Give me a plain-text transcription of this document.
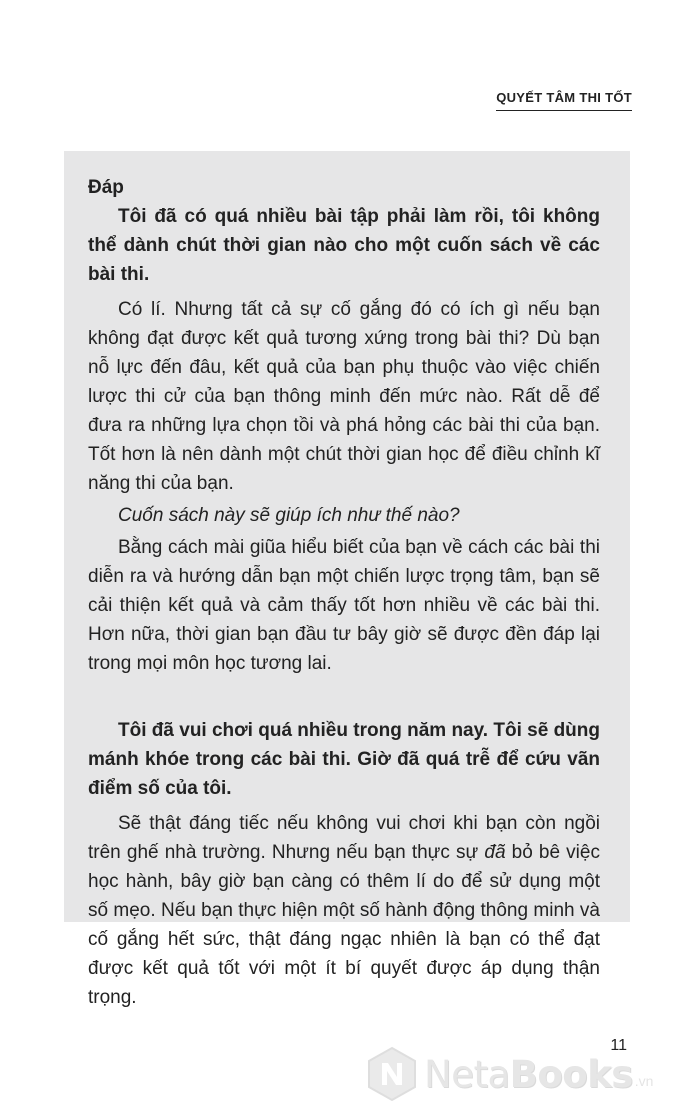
QUYẾT TÂM THI TỐT

Đáp

Tôi đã có quá nhiều bài tập phải làm rồi, tôi không thể dành chút thời gian nào cho một cuốn sách về các bài thi.

Có lí. Nhưng tất cả sự cố gắng đó có ích gì nếu bạn không đạt được kết quả tương xứng trong bài thi? Dù bạn nỗ lực đến đâu, kết quả của bạn phụ thuộc vào việc chiến lược thi cử của bạn thông minh đến mức nào. Rất dễ để đưa ra những lựa chọn tồi và phá hỏng các bài thi của bạn. Tốt hơn là nên dành một chút thời gian học để điều chỉnh kĩ năng thi của bạn.

Cuốn sách này sẽ giúp ích như thế nào?

Bằng cách mài giũa hiểu biết của bạn về cách các bài thi diễn ra và hướng dẫn bạn một chiến lược trọng tâm, bạn sẽ cải thiện kết quả và cảm thấy tốt hơn nhiều về các bài thi. Hơn nữa, thời gian bạn đầu tư bây giờ sẽ được đền đáp lại trong mọi môn học tương lai.

Tôi đã vui chơi quá nhiều trong năm nay. Tôi sẽ dùng mánh khóe trong các bài thi. Giờ đã quá trễ để cứu vãn điểm số của tôi.

Sẽ thật đáng tiếc nếu không vui chơi khi bạn còn ngồi trên ghế nhà trường. Nhưng nếu bạn thực sự đã bỏ bê việc học hành, bây giờ bạn càng có thêm lí do để sử dụng một số mẹo. Nếu bạn thực hiện một số hành động thông minh và cố gắng hết sức, thật đáng ngạc nhiên là bạn có thể đạt được kết quả tốt với một ít bí quyết được áp dụng thận trọng.

11
NetaBooks .vn
